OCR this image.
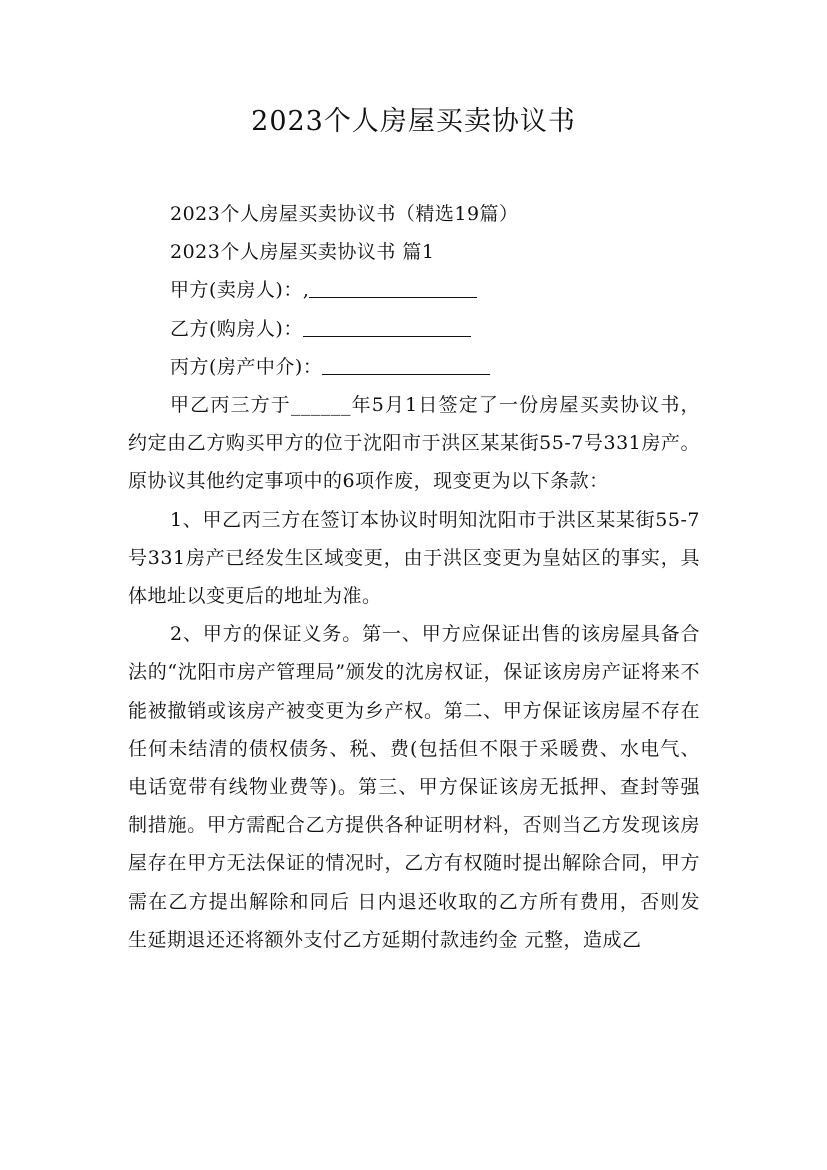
2023个人房屋买卖协议书

2023个人房屋买卖协议书（精选19篇）

2023个人房屋买卖协议书 篇1

甲方(卖房人)：,

乙方(购房人)：

丙方(房产中介)：

甲乙丙三方于______年5月1日签定了一份房屋买卖协议书，约定由乙方购买甲方的位于沈阳市于洪区某某街55-7号331房产。原协议其他约定事项中的6项作废，现变更为以下条款：

1、甲乙丙三方在签订本协议时明知沈阳市于洪区某某街55-7号331房产已经发生区域变更，由于洪区变更为皇姑区的事实，具体地址以变更后的地址为准。

2、甲方的保证义务。第一、甲方应保证出售的该房屋具备合法的“沈阳市房产管理局”颁发的沈房权证，保证该房房产证将来不能被撤销或该房产被变更为乡产权。第二、甲方保证该房屋不存在任何未结清的债权债务、税、费(包括但不限于采暖费、水电气、电话宽带有线物业费等)。第三、甲方保证该房无抵押、查封等强制措施。甲方需配合乙方提供各种证明材料，否则当乙方发现该房屋存在甲方无法保证的情况时，乙方有权随时提出解除合同，甲方需在乙方提出解除和同后 日内退还收取的乙方所有费用，否则发生延期退还还将额外支付乙方延期付款违约金 元整，造成乙
